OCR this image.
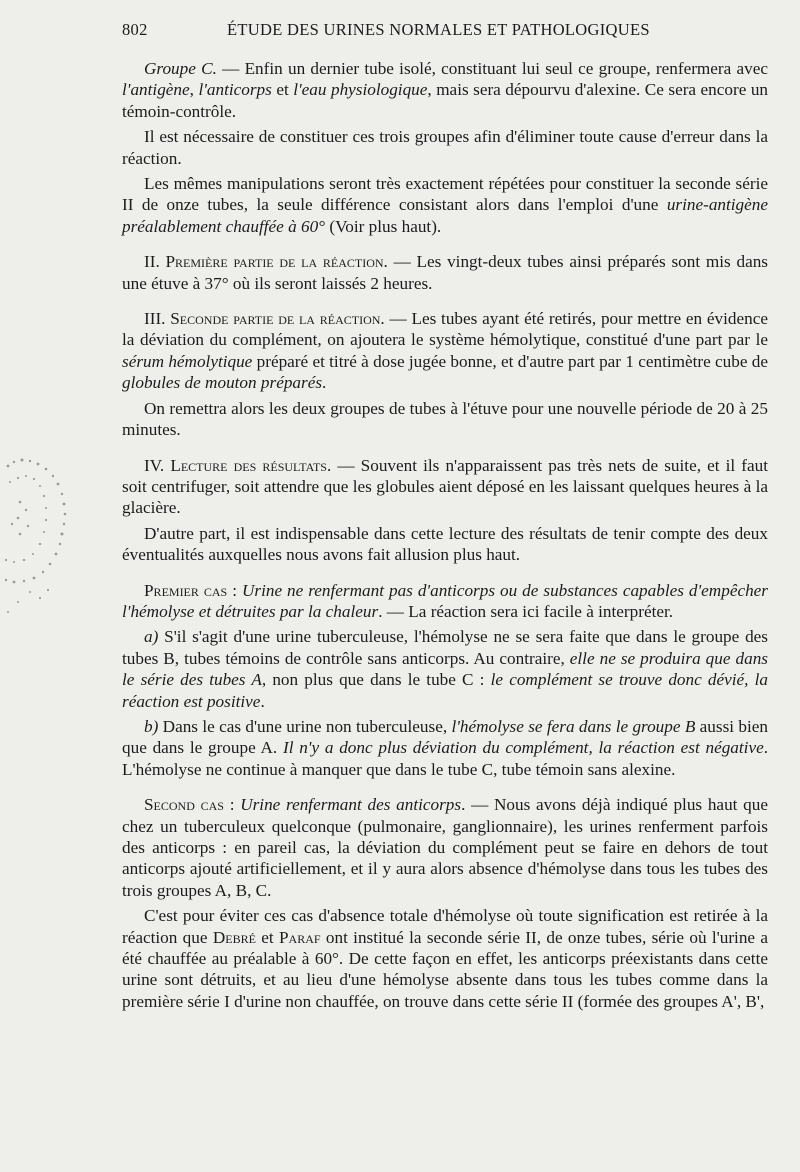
802	ÉTUDE DES URINES NORMALES ET PATHOLOGIQUES

Groupe C. — Enfin un dernier tube isolé, constituant lui seul ce groupe, renfermera avec l'antigène, l'anticorps et l'eau physiologique, mais sera dépourvu d'alexine. Ce sera encore un témoin-contrôle.

Il est nécessaire de constituer ces trois groupes afin d'éliminer toute cause d'erreur dans la réaction.

Les mêmes manipulations seront très exactement répétées pour constituer la seconde série II de onze tubes, la seule différence consistant alors dans l'emploi d'une urine-antigène préalablement chauffée à 60° (Voir plus haut).

II. Première partie de la réaction. — Les vingt-deux tubes ainsi préparés sont mis dans une étuve à 37° où ils seront laissés 2 heures.

III. Seconde partie de la réaction. — Les tubes ayant été retirés, pour mettre en évidence la déviation du complément, on ajoutera le système hémolytique, constitué d'une part par le sérum hémolytique préparé et titré à dose jugée bonne, et d'autre part par 1 centimètre cube de globules de mouton préparés.

On remettra alors les deux groupes de tubes à l'étuve pour une nouvelle période de 20 à 25 minutes.

IV. Lecture des résultats. — Souvent ils n'apparaissent pas très nets de suite, et il faut soit centrifuger, soit attendre que les globules aient déposé en les laissant quelques heures à la glacière.

D'autre part, il est indispensable dans cette lecture des résultats de tenir compte des deux éventualités auxquelles nous avons fait allusion plus haut.

Premier cas : Urine ne renfermant pas d'anticorps ou de substances capables d'empêcher l'hémolyse et détruites par la chaleur. — La réaction sera ici facile à interpréter.

a) S'il s'agit d'une urine tuberculeuse, l'hémolyse ne se sera faite que dans le groupe des tubes B, tubes témoins de contrôle sans anticorps. Au contraire, elle ne se produira que dans le série des tubes A, non plus que dans le tube C : le complément se trouve donc dévié, la réaction est positive.

b) Dans le cas d'une urine non tuberculeuse, l'hémolyse se fera dans le groupe B aussi bien que dans le groupe A. Il n'y a donc plus déviation du complément, la réaction est négative. L'hémolyse ne continue à manquer que dans le tube C, tube témoin sans alexine.

Second cas : Urine renfermant des anticorps. — Nous avons déjà indiqué plus haut que chez un tuberculeux quelconque (pulmonaire, ganglionnaire), les urines renferment parfois des anticorps : en pareil cas, la déviation du complément peut se faire en dehors de tout anticorps ajouté artificiellement, et il y aura alors absence d'hémolyse dans tous les tubes des trois groupes A, B, C.

C'est pour éviter ces cas d'absence totale d'hémolyse où toute signification est retirée à la réaction que Debré et Paraf ont institué la seconde série II, de onze tubes, série où l'urine a été chauffée au préalable à 60°. De cette façon en effet, les anticorps préexistants dans cette urine sont détruits, et au lieu d'une hémolyse absente dans tous les tubes comme dans la première série I d'urine non chauffée, on trouve dans cette série II (formée des groupes A', B',
